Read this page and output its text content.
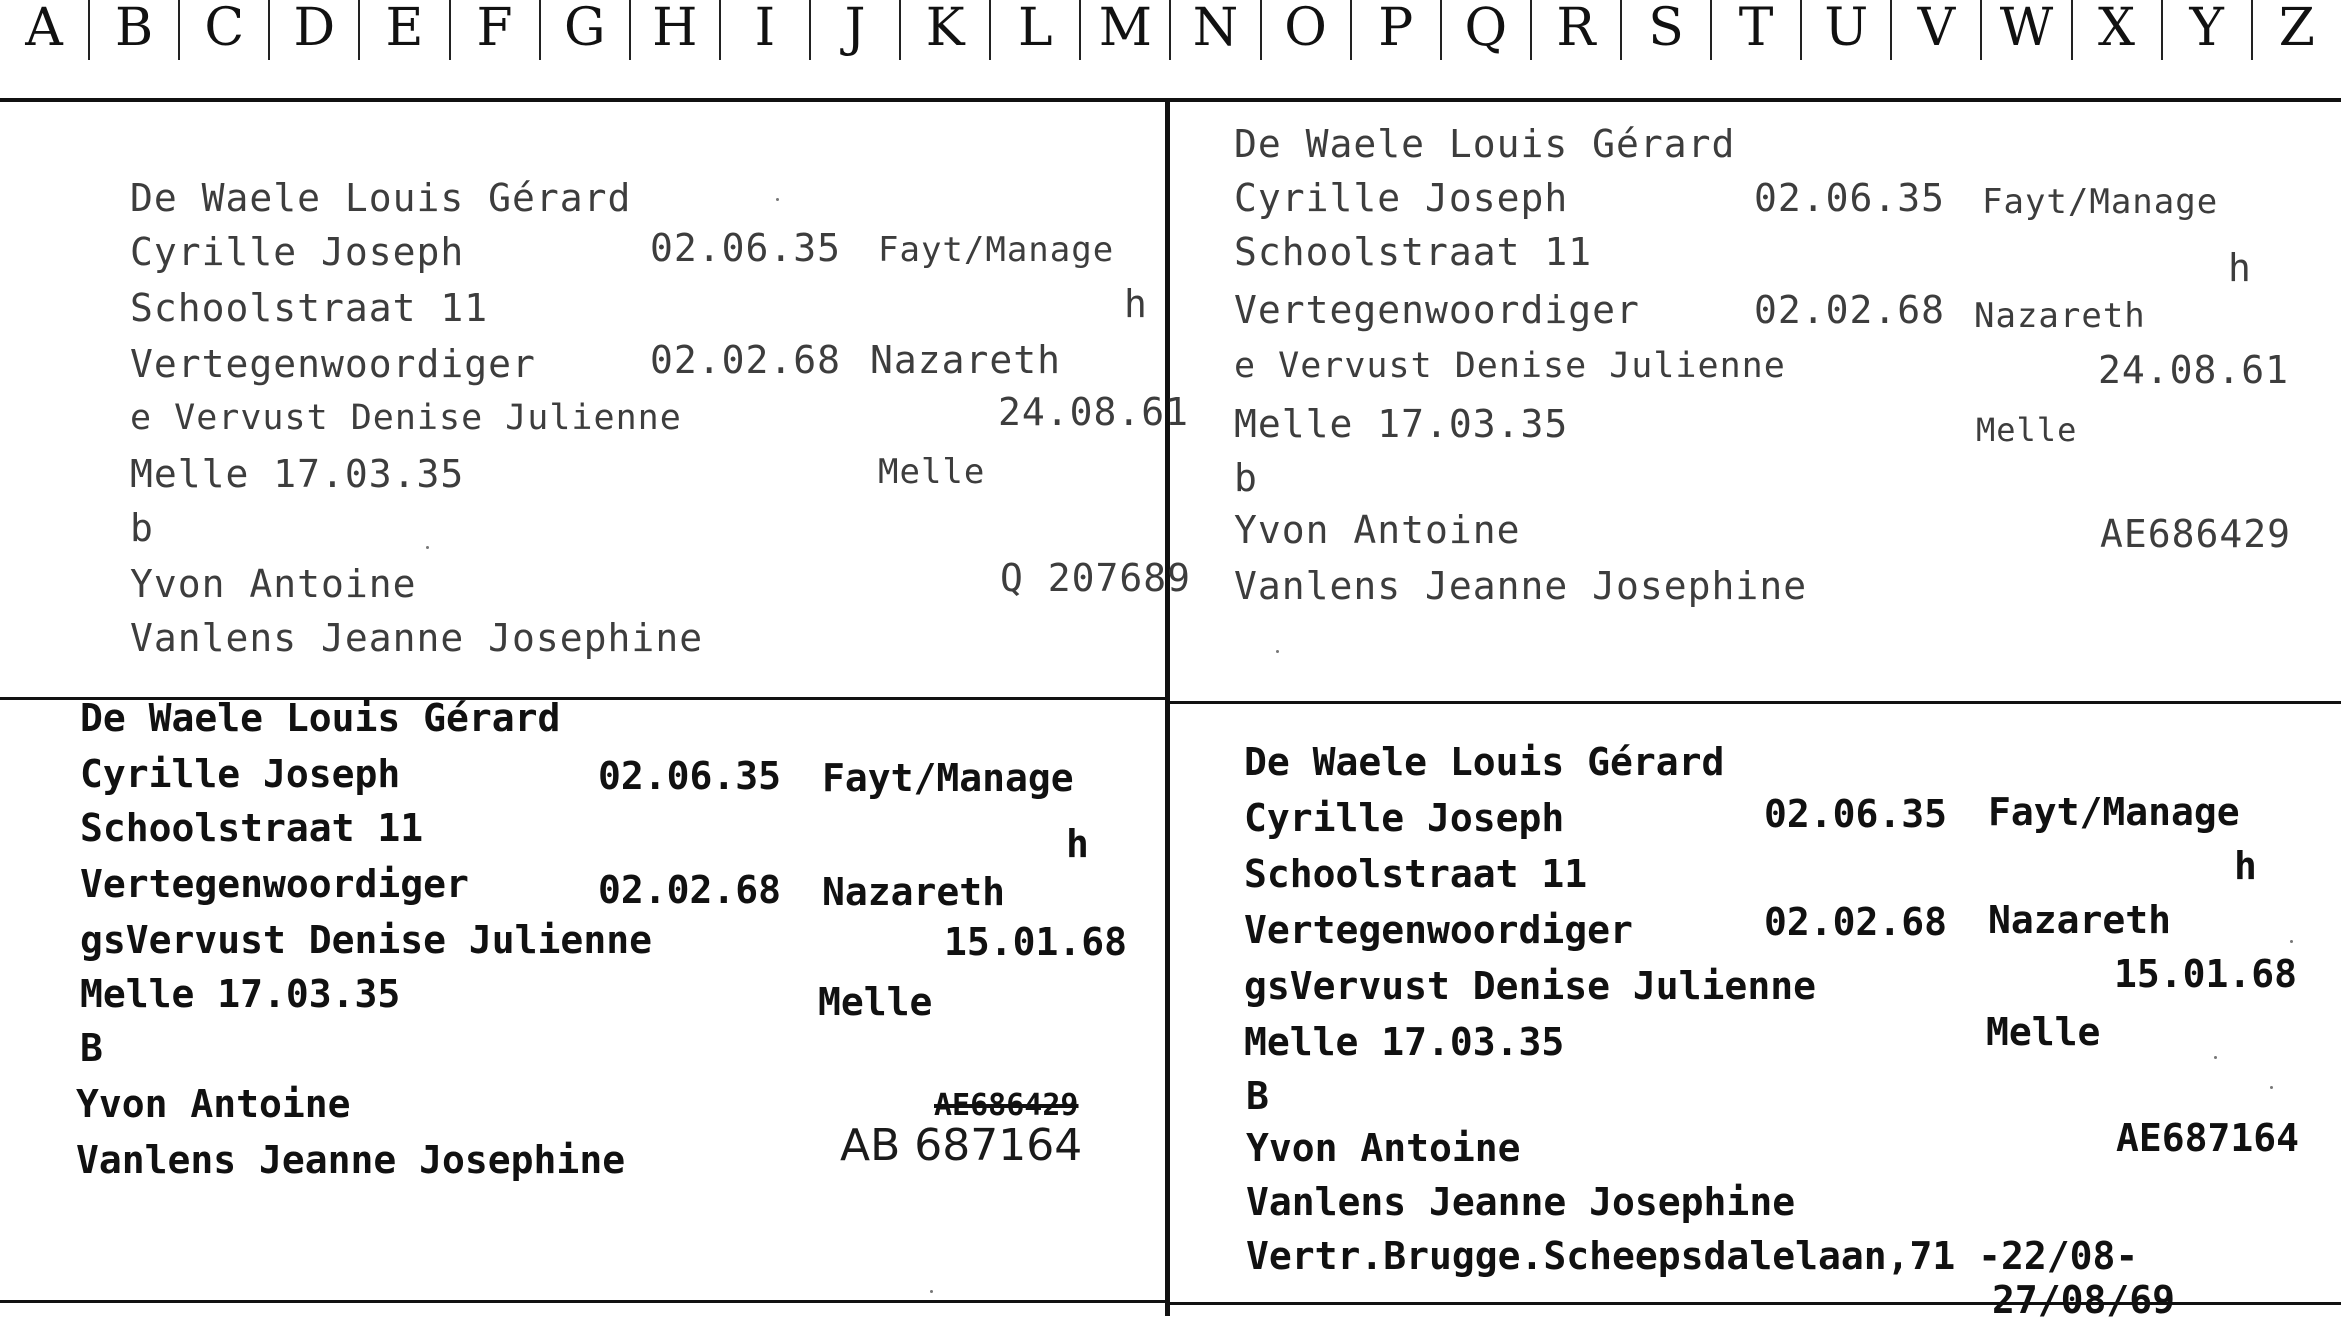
A	B C D E	F G H	I	J	K	L M N O P Q R	S	T U V W X	Y	Z
De Waele Louis Gérard
Cyrille Joseph	02.06.35 Fayt/Manage
Schoolstraat 11	h
Vertegenwoordiger	02.02.68 Nazareth
e Vervust Denise Julienne	24.08.61
Melle 17.03.35	Melle
b
Yvon Antoine	Q 207689
Vanlens Jeanne Josephine
De Waele Louis Gérard
Cyrille Joseph	02.06.35 Fayt/Manage
Schoolstraat 11	h
Vertegenwoordiger	02.02.68 Nazareth
e Vervust Denise Julienne	24.08.61
Melle 17.03.35	Melle
b
Yvon Antoine	AE686429
Vanlens Jeanne Josephine
De Waele Louis Gérard
Cyrille Joseph	02.06.35 Fayt/Manage
Schoolstraat 11	h
Vertegenwoordiger	02.02.68 Nazareth
gsVervust Denise Julienne	15.01.68
Melle 17.03.35	Melle
B
Yvon Antoine	AE686429
Vanlens Jeanne Josephine	AB 687164
De Waele Louis Gérard
Cyrille Joseph	02.06.35 Fayt/Manage
Schoolstraat 11	h
Vertegenwoordiger	02.02.68 Nazareth
gsVervust Denise Julienne	15.01.68
Melle 17.03.35	Melle
B
Yvon Antoine	AE687164
Vanlens Jeanne Josephine
Vertr.Brugge.Scheepsdalelaan,71 -22/08-
27/08/69
